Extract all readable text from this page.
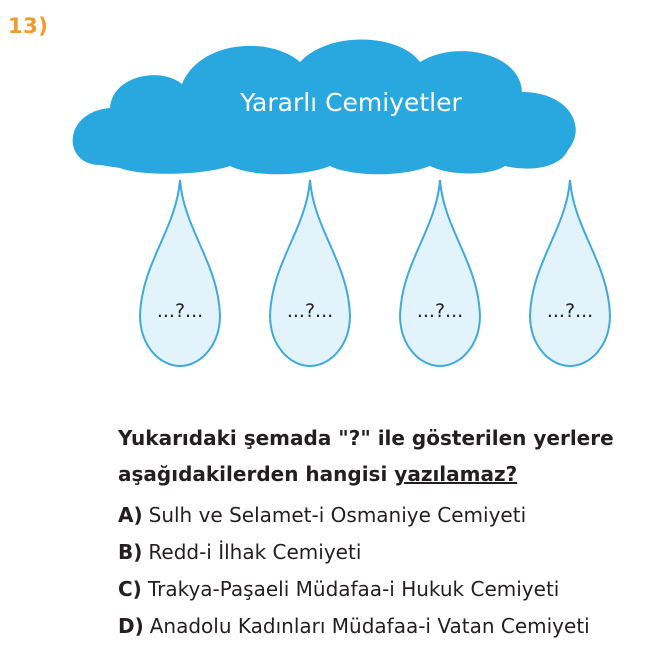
13)
Yararlı Cemiyetler
...?...	...?...	...?...	...?...
Yukarıdaki şemada "?" ile gösterilen yerlere aşağıdakilerden hangisi yazılamaz?
A) Sulh ve Selamet-i Osmaniye Cemiyeti
B) Redd-i İlhak Cemiyeti
C) Trakya-Paşaeli Müdafaa-i Hukuk Cemiyeti
D) Anadolu Kadınları Müdafaa-i Vatan Cemiyeti
